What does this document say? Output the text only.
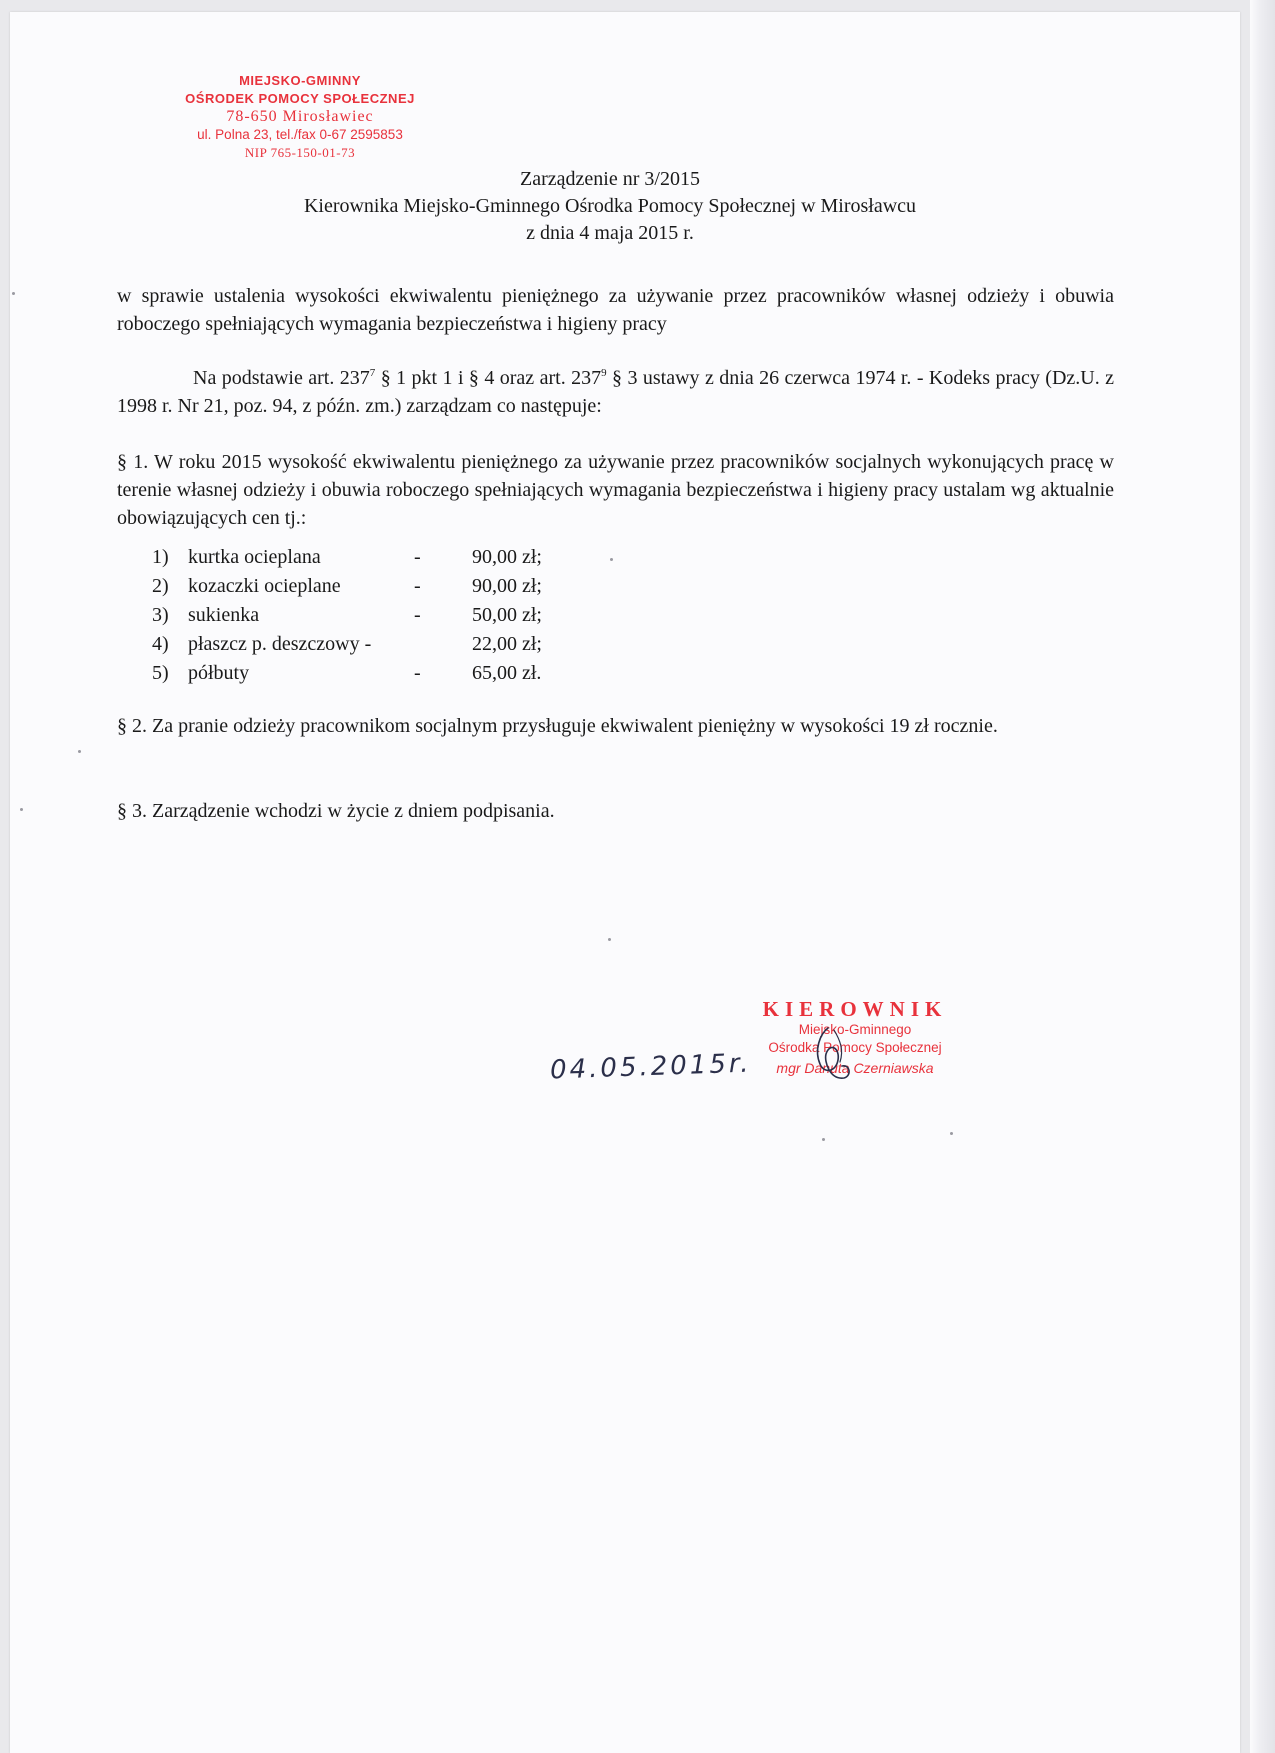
MIEJSKO-GMINNY
OŚRODEK POMOCY SPOŁECZNEJ
78-650 Mirosławiec
ul. Polna 23, tel./fax 0-67 2595853
NIP 765-150-01-73
Zarządzenie nr 3/2015
Kierownika Miejsko-Gminnego Ośrodka Pomocy Społecznej w Mirosławcu
z dnia 4 maja 2015 r.
w sprawie ustalenia wysokości ekwiwalentu pieniężnego za używanie przez pracowników własnej odzieży i obuwia roboczego spełniających wymagania bezpieczeństwa i higieny pracy
Na podstawie art. $237^7$ § 1 pkt 1 i § 4 oraz art. $237^9$ § 3 ustawy z dnia 26 czerwca 1974 r. - Kodeks pracy (Dz.U. z 1998 r. Nr 21, poz. 94, z późn. zm.) zarządzam co następuje:
§ 1. W roku 2015 wysokość ekwiwalentu pieniężnego za używanie przez pracowników socjalnych wykonujących pracę w terenie własnej odzieży i obuwia roboczego spełniających wymagania bezpieczeństwa i higieny pracy ustalam wg aktualnie obowiązujących cen tj.:
1) kurtka ocieplana	-	90,00 zł;
2) kozaczki ocieplane	-	90,00 zł;
3) sukienka	-	50,00 zł;
4) płaszcz p. deszczowy -	22,00 zł;
5) półbuty	-	65,00 zł.
§ 2. Za pranie odzieży pracownikom socjalnym przysługuje ekwiwalent pieniężny w wysokości 19 zł rocznie.
§ 3. Zarządzenie wchodzi w życie z dniem podpisania.
04.05.2015r.
KIEROWNIK
Miejsko-Gminnego
Ośrodka Pomocy Społecznej
mgr Danuta Czerniawska
